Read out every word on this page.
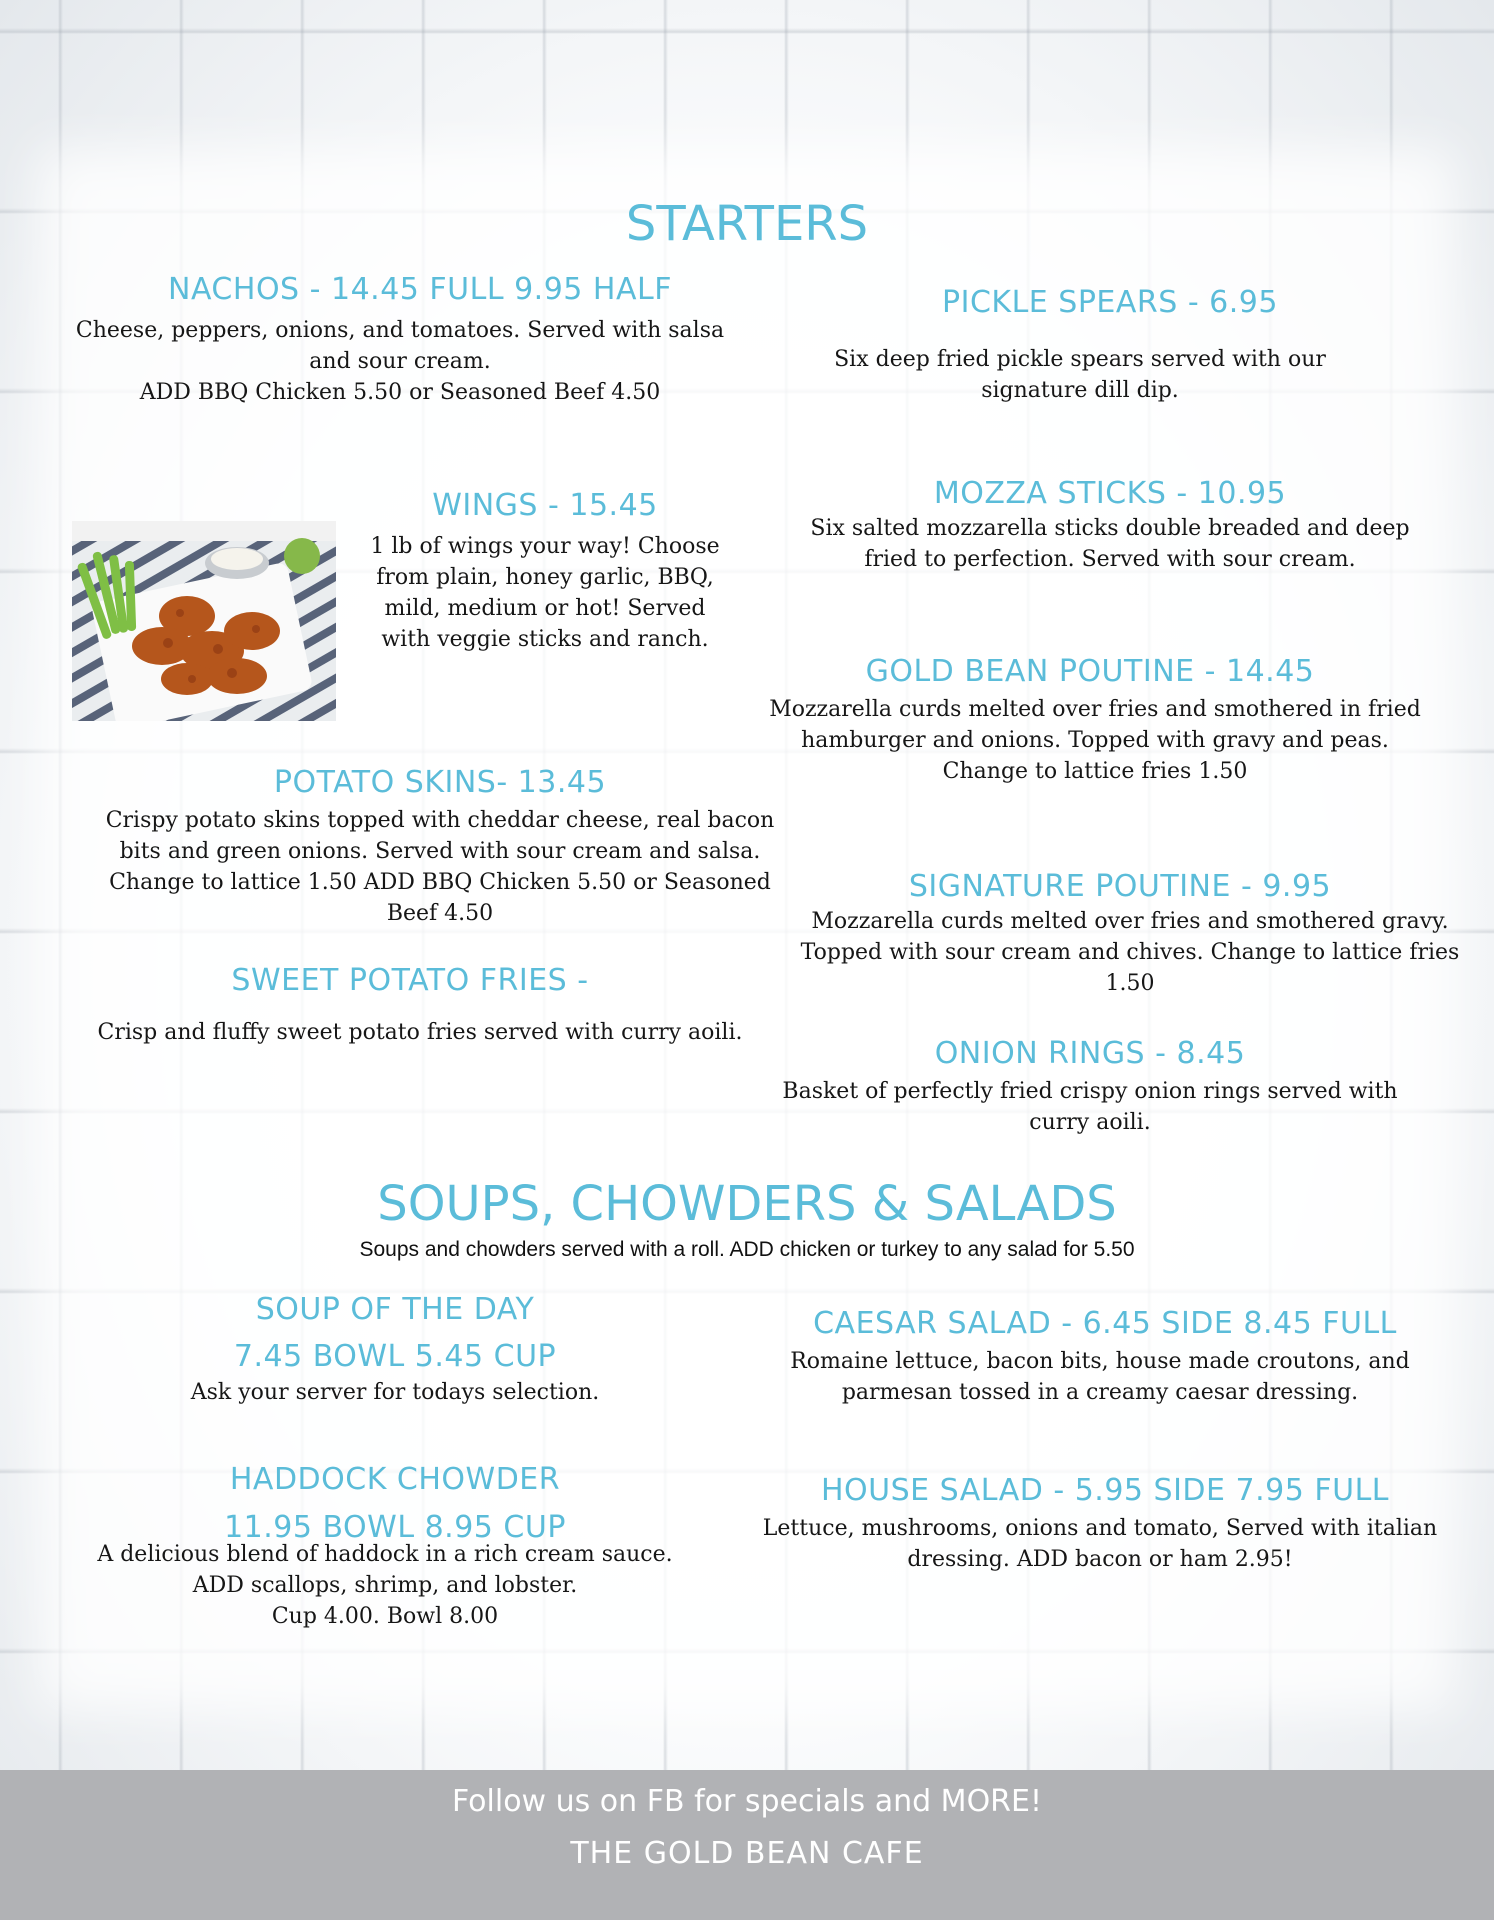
STARTERS
NACHOS - 14.45 FULL 9.95 HALF
Cheese, peppers, onions, and tomatoes. Served with salsa and sour cream.
ADD BBQ Chicken 5.50 or Seasoned Beef 4.50
PICKLE SPEARS - 6.95
Six deep fried pickle spears served with our signature dill dip.
WINGS - 15.45
1 lb of wings your way! Choose from plain, honey garlic, BBQ, mild, medium or hot! Served with veggie sticks and ranch.
MOZZA STICKS - 10.95
Six salted mozzarella sticks double breaded and deep fried to perfection. Served with sour cream.
GOLD BEAN POUTINE - 14.45
Mozzarella curds melted over fries and smothered in fried hamburger and onions. Topped with gravy and peas. Change to lattice fries 1.50
POTATO SKINS- 13.45
Crispy potato skins topped with cheddar cheese, real bacon bits and green onions. Served with sour cream and salsa. Change to lattice 1.50 ADD BBQ Chicken 5.50 or Seasoned Beef 4.50
SIGNATURE POUTINE - 9.95
Mozzarella curds melted over fries and smothered gravy. Topped with sour cream and chives. Change to lattice fries 1.50
SWEET POTATO FRIES -
Crisp and fluffy sweet potato fries served with curry aoili.
ONION RINGS - 8.45
Basket of perfectly fried crispy onion rings served with curry aoili.
SOUPS, CHOWDERS & SALADS
Soups and chowders served with a roll. ADD chicken or turkey to any salad for 5.50
SOUP OF THE DAY
7.45 BOWL 5.45 CUP
Ask your server for todays selection.
CAESAR SALAD - 6.45 SIDE 8.45 FULL
Romaine lettuce, bacon bits, house made croutons, and parmesan tossed in a creamy caesar dressing.
HADDOCK CHOWDER
11.95 BOWL 8.95 CUP
A delicious blend of haddock in a rich cream sauce.
ADD scallops, shrimp, and lobster.
Cup 4.00. Bowl 8.00
HOUSE SALAD - 5.95 SIDE 7.95 FULL
Lettuce, mushrooms, onions and tomato, Served with italian dressing. ADD bacon or ham 2.95!
Follow us on FB for specials and MORE!
THE GOLD BEAN CAFE
